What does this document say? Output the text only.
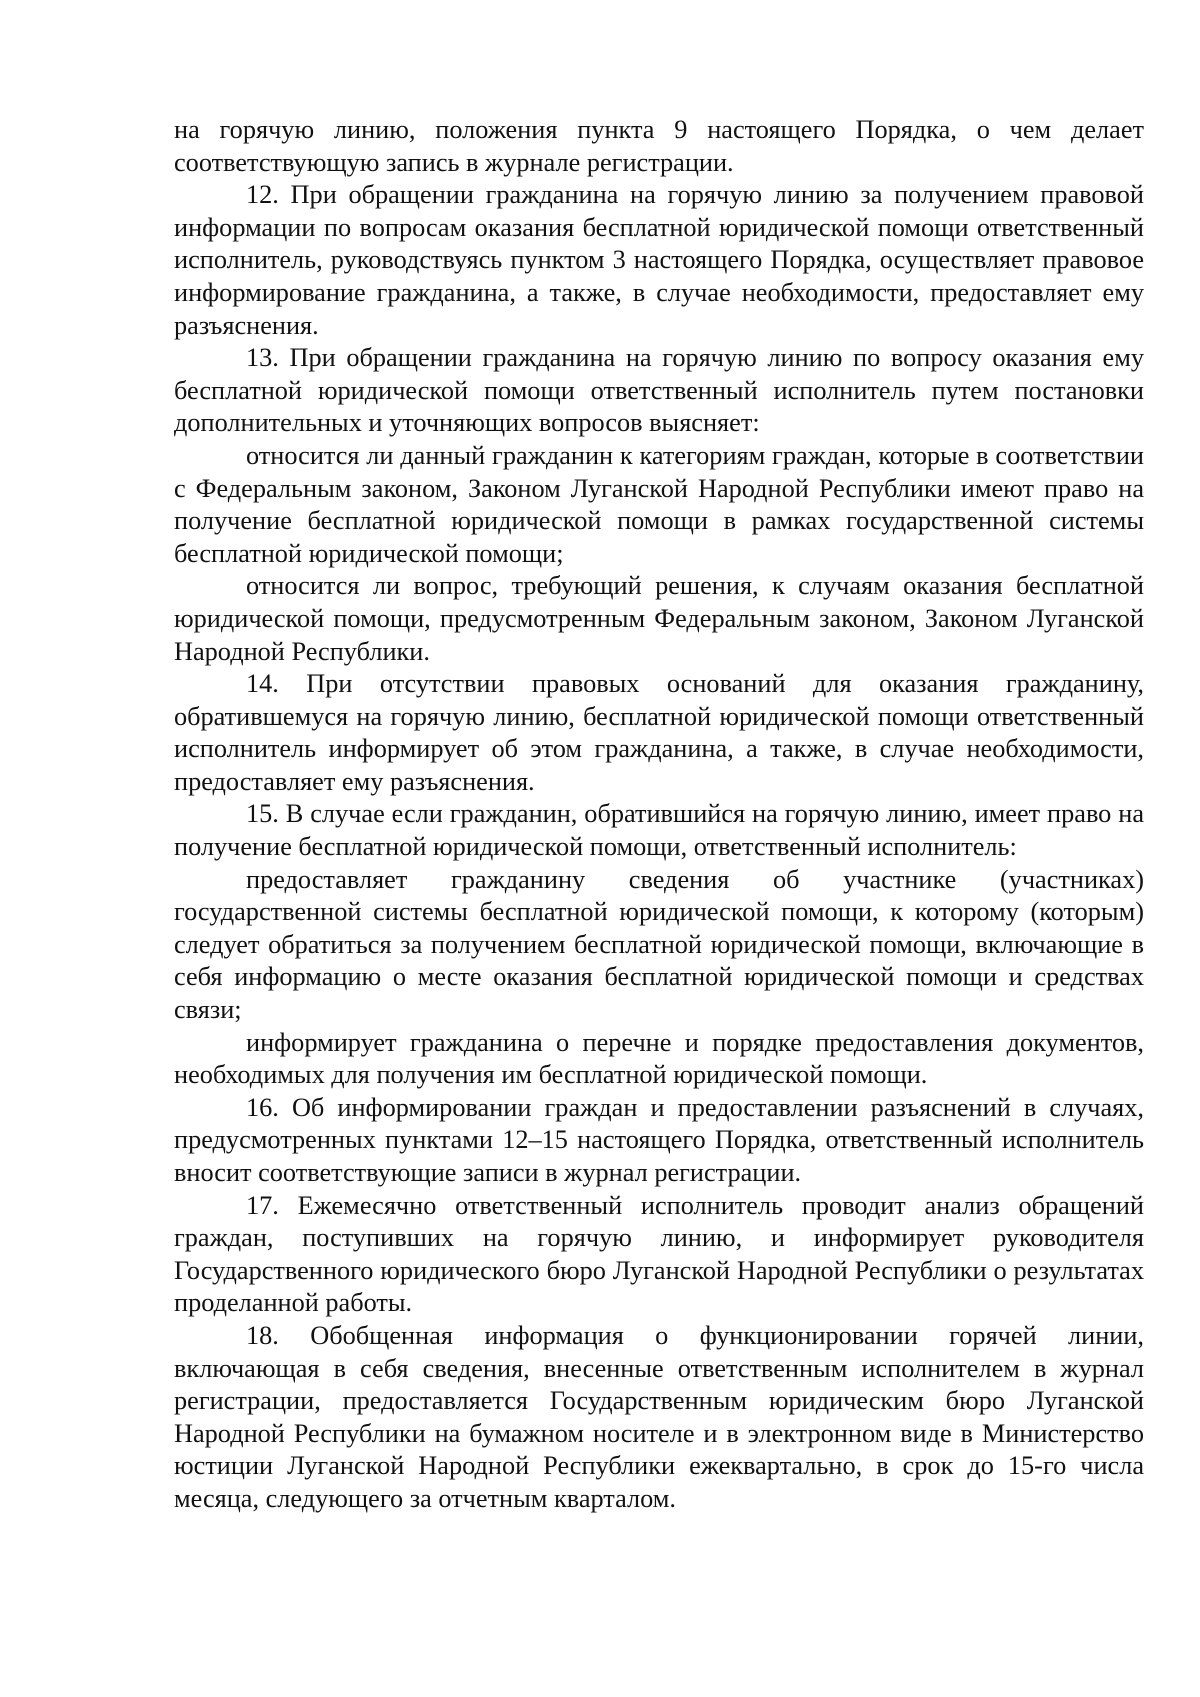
на горячую линию, положения пункта 9 настоящего Порядка, о чем делает соответствующую запись в журнале регистрации.

12. При обращении гражданина на горячую линию за получением правовой информации по вопросам оказания бесплатной юридической помощи ответственный исполнитель, руководствуясь пунктом 3 настоящего Порядка, осуществляет правовое информирование гражданина, а также, в случае необходимости, предоставляет ему разъяснения.

13. При обращении гражданина на горячую линию по вопросу оказания ему бесплатной юридической помощи ответственный исполнитель путем постановки дополнительных и уточняющих вопросов выясняет:

относится ли данный гражданин к категориям граждан, которые в соответствии с Федеральным законом, Законом Луганской Народной Республики имеют право на получение бесплатной юридической помощи в рамках государственной системы бесплатной юридической помощи;

относится ли вопрос, требующий решения, к случаям оказания бесплатной юридической помощи, предусмотренным Федеральным законом, Законом Луганской Народной Республики.

14. При отсутствии правовых оснований для оказания гражданину, обратившемуся на горячую линию, бесплатной юридической помощи ответственный исполнитель информирует об этом гражданина, а также, в случае необходимости, предоставляет ему разъяснения.

15. В случае если гражданин, обратившийся на горячую линию, имеет право на получение бесплатной юридической помощи, ответственный исполнитель:

предоставляет гражданину сведения об участнике (участниках) государственной системы бесплатной юридической помощи, к которому (которым) следует обратиться за получением бесплатной юридической помощи, включающие в себя информацию о месте оказания бесплатной юридической помощи и средствах связи;

информирует гражданина о перечне и порядке предоставления документов, необходимых для получения им бесплатной юридической помощи.

16. Об информировании граждан и предоставлении разъяснений в случаях, предусмотренных пунктами 12–15 настоящего Порядка, ответственный исполнитель вносит соответствующие записи в журнал регистрации.

17. Ежемесячно ответственный исполнитель проводит анализ обращений граждан, поступивших на горячую линию, и информирует руководителя Государственного юридического бюро Луганской Народной Республики о результатах проделанной работы.

18. Обобщенная информация о функционировании горячей линии, включающая в себя сведения, внесенные ответственным исполнителем в журнал регистрации, предоставляется Государственным юридическим бюро Луганской Народной Республики на бумажном носителе и в электронном виде в Министерство юстиции Луганской Народной Республики ежеквартально, в срок до 15-го числа месяца, следующего за отчетным кварталом.
